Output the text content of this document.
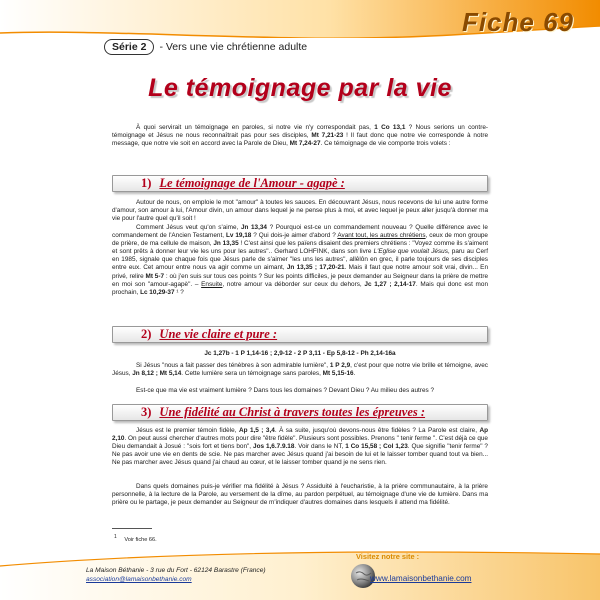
Fiche 69
Série 2	- Vers une vie chrétienne adulte
Le témoignage par la vie
À quoi servirait un témoignage en paroles, si notre vie n'y correspondait pas, 1 Co 13,1 ? Nous serions un contre-témoignage et Jésus ne nous reconnaîtrait pas pour ses disciples, Mt 7,21-23 ! Il faut donc que notre vie corresponde à notre message, que notre vie soit en accord avec la Parole de Dieu, Mt 7,24-27. Ce témoignage de vie comporte trois volets :
1) Le témoignage de l'Amour - agapè :
Autour de nous, on emploie le mot "amour" à toutes les sauces. En découvrant Jésus, nous recevons de lui une autre forme d'amour, son amour à lui, l'Amour divin, un amour dans lequel je ne pense plus à moi, et avec lequel je peux aller jusqu'à donner ma vie pour l'autre quel qu'il soit !
Comment Jésus veut qu'on s'aime, Jn 13,34 ? Pourquoi est-ce un commandement nouveau ? Quelle différence avec le commandement de l'Ancien Testament, Lv 19,18 ? Qui dois-je aimer d'abord ? Avant tout, les autres chrétiens, ceux de mon groupe de prière, de ma cellule de maison, Jn 13,35 ! C'est ainsi que les païens disaient des premiers chrétiens : "Voyez comme ils s'aiment et sont prêts à donner leur vie les uns pour les autres".. Gerhard LOHFINK, dans son livre L'Eglise que voulait Jésus, paru au Cerf en 1985, signale que chaque fois que Jésus parle de s'aimer "les uns les autres", allêlôn en grec, il parle toujours de ses disciples entre eux. Cet amour entre nous va agir comme un aimant, Jn 13,35 ; 17,20-21. Mais il faut que notre amour soit vrai, divin... En privé, relire Mt 5-7 : où j'en suis sur tous ces points ? Sur les points difficiles, je peux demander au Seigneur dans la prière de mettre en moi son "amour-agapè". – Ensuite, notre amour va déborder sur ceux du dehors, Jc 1,27 ; 2,14-17. Mais qui donc est mon prochain, Lc 10,29-37 ¹ ?
2) Une vie claire et pure :
Jc 1,27b - 1 P 1,14-16 ; 2,9-12 - 2 P 3,11 - Ep 5,8-12 - Ph 2,14-16a
Si Jésus "nous a fait passer des ténèbres à son admirable lumière", 1 P 2,9, c'est pour que notre vie brille et témoigne, avec Jésus, Jn 8,12 ; Mt 5,14. Cette lumière sera un témoignage sans paroles, Mt 5,15-16.
Est-ce que ma vie est vraiment lumière ? Dans tous les domaines ? Devant Dieu ? Au milieu des autres ?
3) Une fidélité au Christ à travers toutes les épreuves :
Jésus est le premier témoin fidèle, Ap 1,5 ; 3,4. À sa suite, jusqu'où devons-nous être fidèles ? La Parole est claire, Ap 2,10. On peut aussi chercher d'autres mots pour dire "être fidèle". Plusieurs sont possibles. Prenons " tenir ferme ". C'est déjà ce que Dieu demandait à Josué : "sois fort et tiens bon", Jos 1,6.7.9.18. Voir dans le NT, 1 Co 15,58 ; Col 1,23. Que signifie "tenir ferme" ? Ne pas avoir une vie en dents de scie. Ne pas marcher avec Jésus quand j'ai besoin de lui et le laisser tomber quand tout va bien... Ne pas marcher avec Jésus quand j'ai chaud au cœur, et le laisser tomber quand je ne sens rien.
Dans quels domaines puis-je vérifier ma fidélité à Jésus ? Assiduité à l'eucharistie, à la prière communautaire, à la prière personnelle, à la lecture de la Parole, au versement de la dîme, au pardon perpétuel, au témoignage d'une vie de lumière. Dans ma prière ou le partage, je peux demander au Seigneur de m'indiquer d'autres domaines dans lesquels il attend ma fidélité.
$^1$ Voir fiche 66.
La Maison Béthanie - 3 rue du Fort - 62124 Barastre (France)
association@lamaisonbethanie.com
Visitez notre site :
www.lamaisonbethanie.com
